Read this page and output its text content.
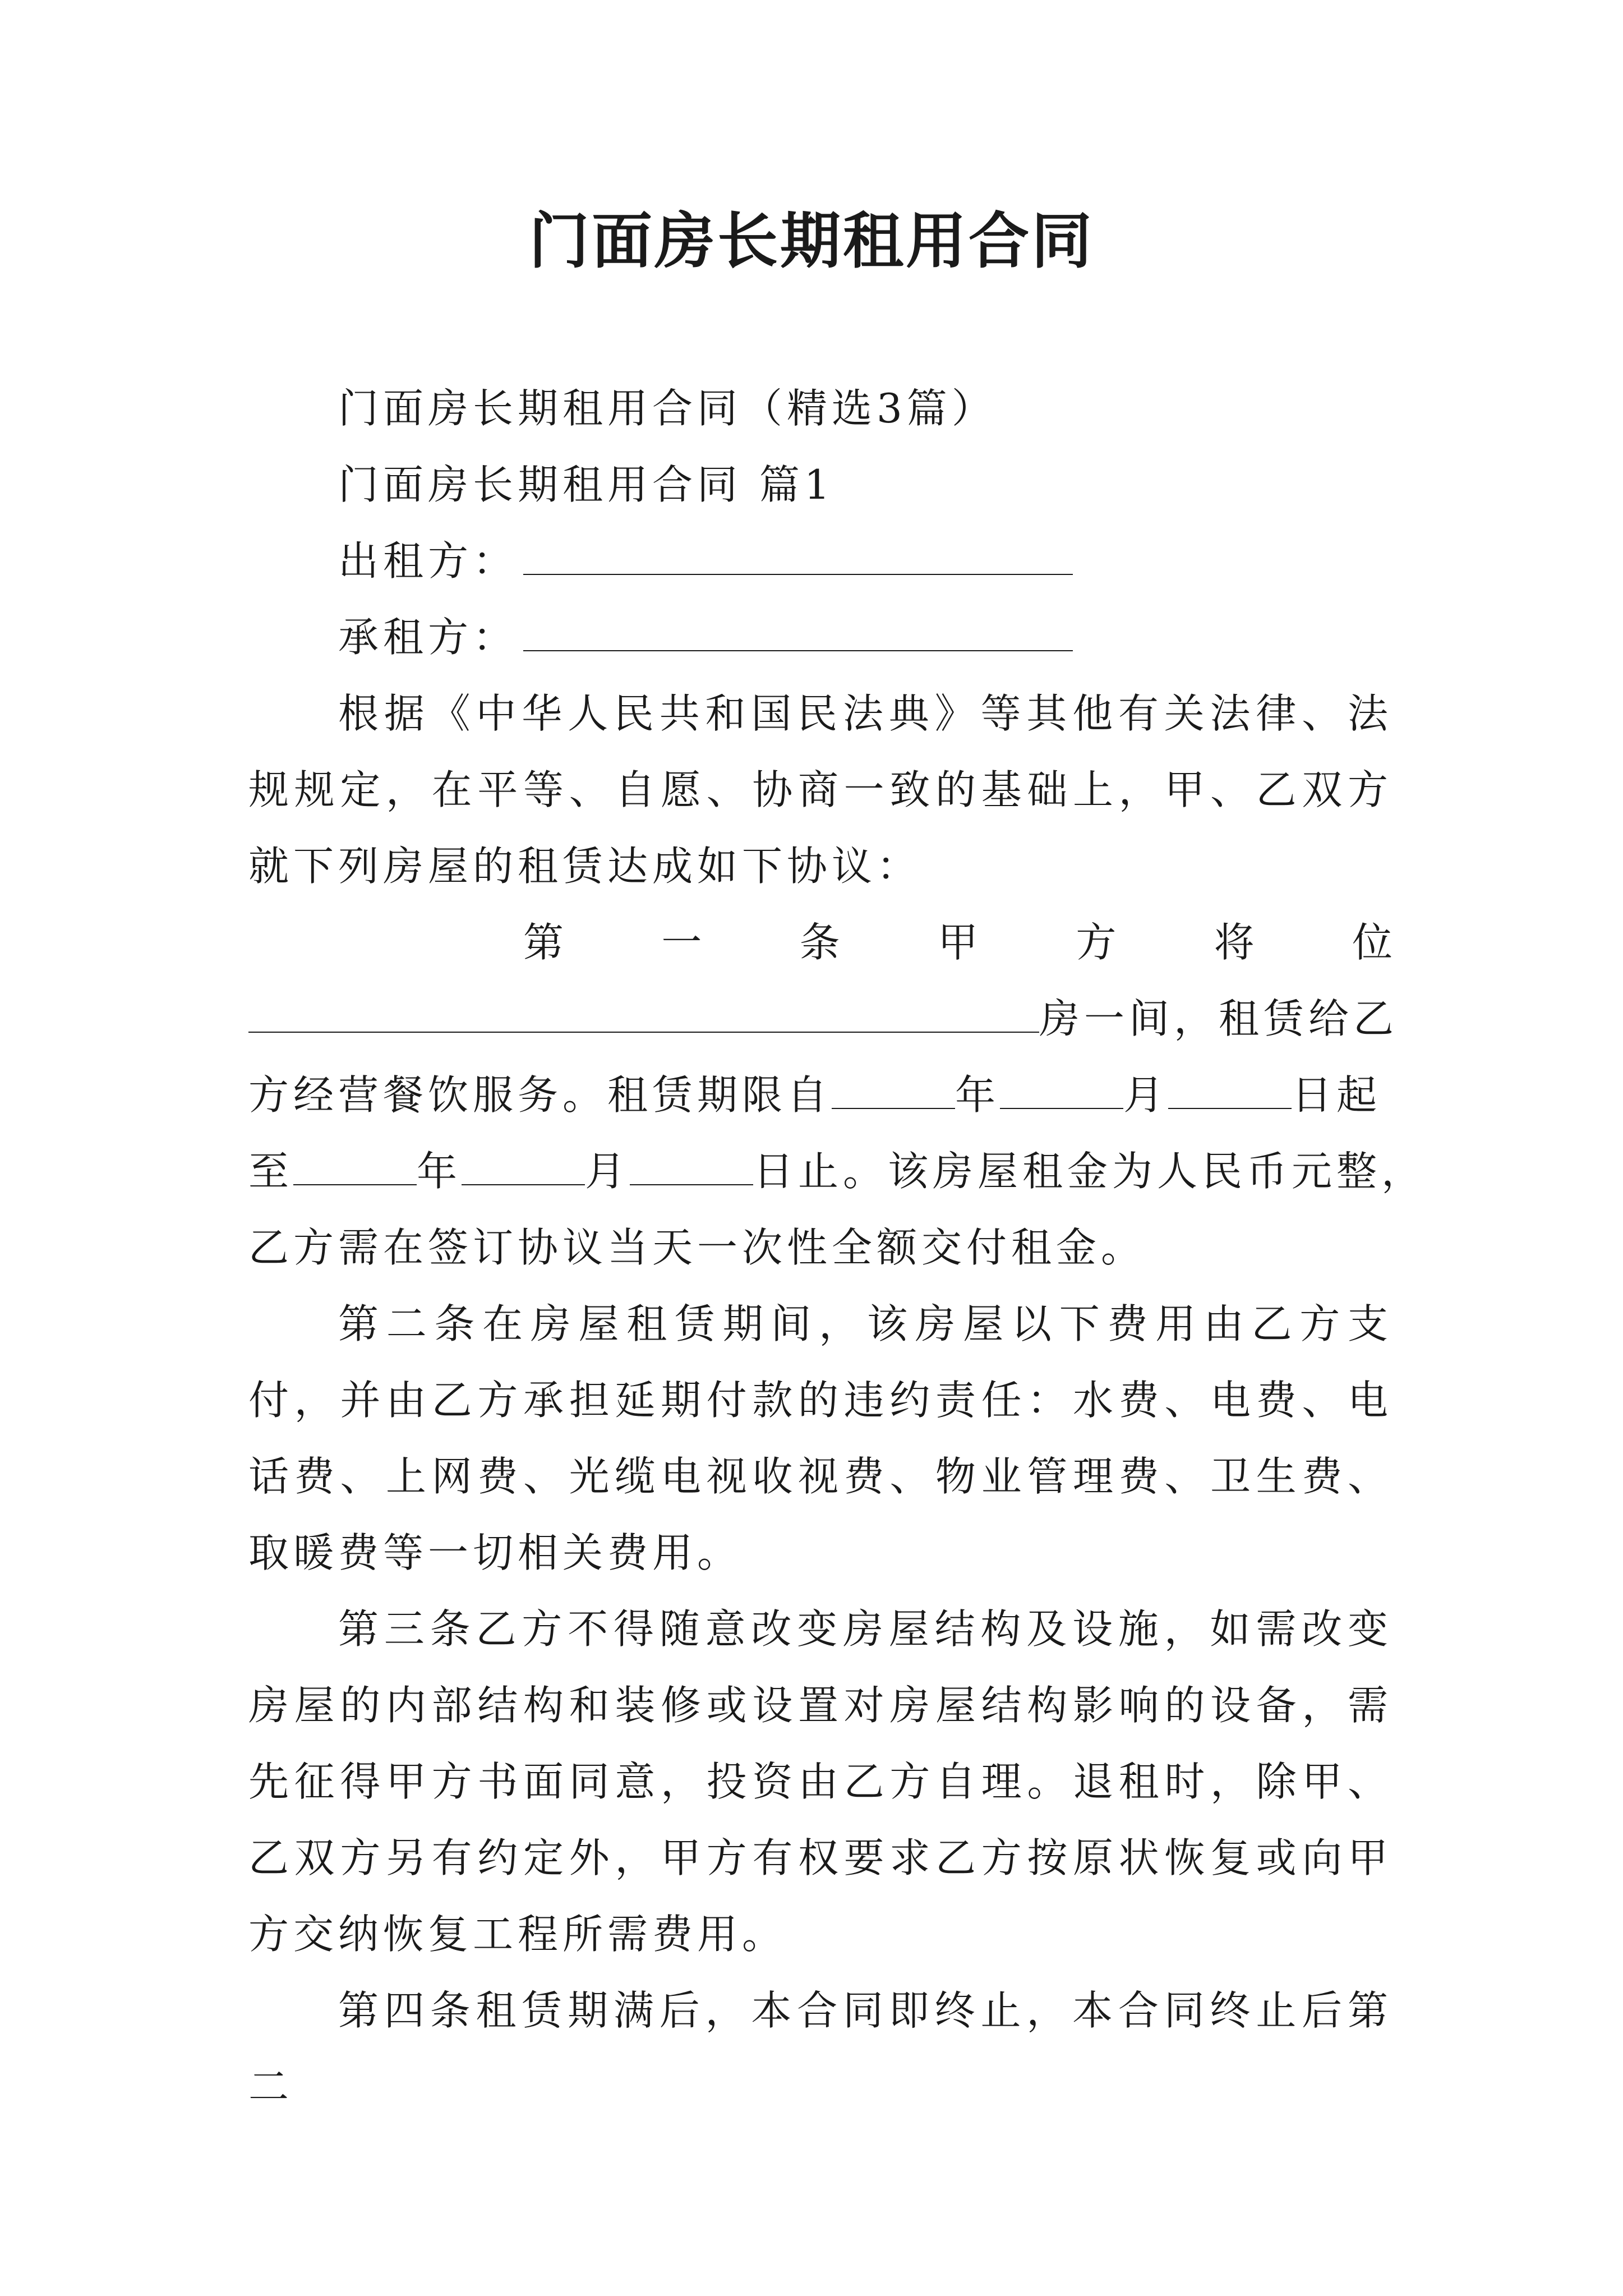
门面房长期租用合同

门面房长期租用合同（精选3篇）

门面房长期租用合同 篇1

出租方：

承租方：

根据《中华人民共和国民法典》等其他有关法律、法规规定，在平等、自愿、协商一致的基础上，甲、乙双方就下列房屋的租赁达成如下协议：

第 一 条 甲 方 将 位

房一间，租赁给乙

方经营餐饮服务。租赁期限自	年	月	日起

至	年	月	日止。该房屋租金为人民币元整，

乙方需在签订协议当天一次性全额交付租金。

第二条在房屋租赁期间，该房屋以下费用由乙方支付，并由乙方承担延期付款的违约责任：水费、电费、电话费、上网费、光缆电视收视费、物业管理费、卫生费、取暖费等一切相关费用。

第三条乙方不得随意改变房屋结构及设施，如需改变房屋的内部结构和装修或设置对房屋结构影响的设备，需先征得甲方书面同意，投资由乙方自理。退租时，除甲、乙双方另有约定外，甲方有权要求乙方按原状恢复或向甲方交纳恢复工程所需费用。

第四条租赁期满后，本合同即终止，本合同终止后第二
